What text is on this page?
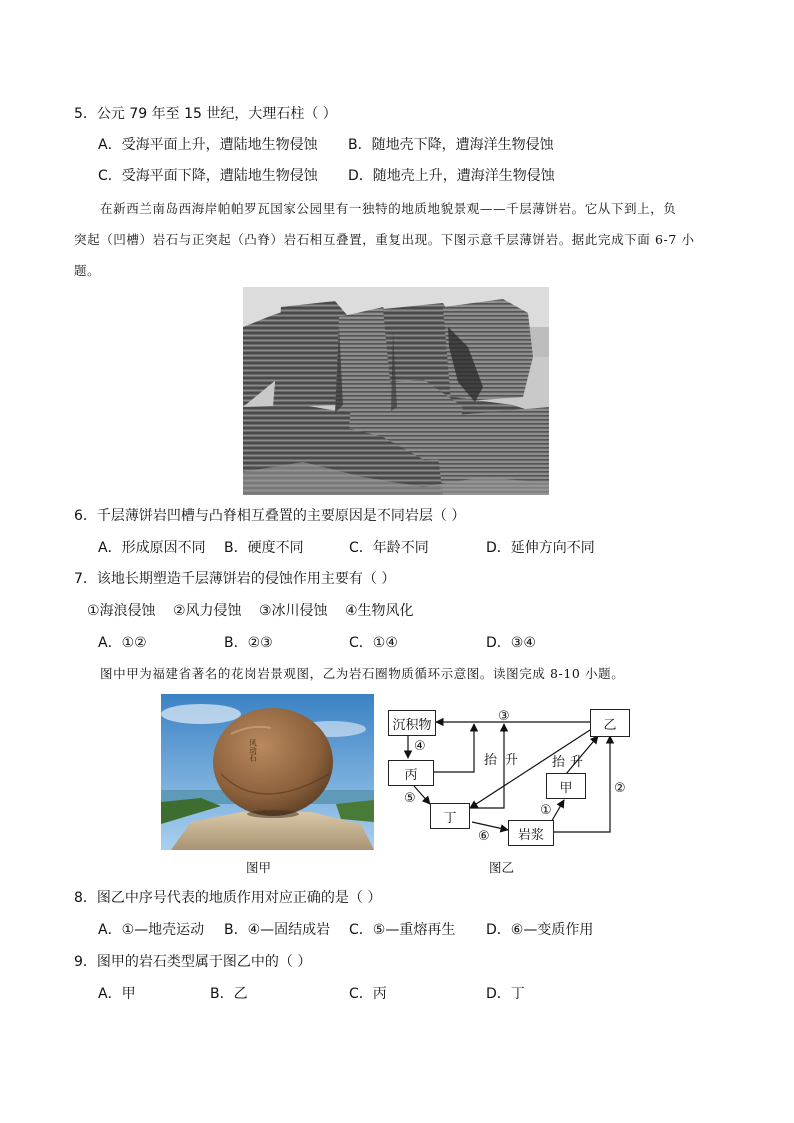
5．公元 79 年至 15 世纪，大理石柱（ ）
A．受海平面上升，遭陆地生物侵蚀 B．随地壳下降，遭海洋生物侵蚀
C．受海平面下降，遭陆地生物侵蚀 D．随地壳上升，遭海洋生物侵蚀
在新西兰南岛西海岸帕帕罗瓦国家公园里有一独特的地质地貌景观——千层薄饼岩。它从下到上，负
突起（凹槽）岩石与正突起（凸脊）岩石相互叠置，重复出现。下图示意千层薄饼岩。据此完成下面 6-7 小
题。
6．千层薄饼岩凹槽与凸脊相互叠置的主要原因是不同岩层（ ）
A．形成原因不同 B．硬度不同	C．年龄不同	D．延伸方向不同
7．该地长期塑造千层薄饼岩的侵蚀作用主要有（ ）
①海浪侵蚀 ②风力侵蚀 ③冰川侵蚀 ④生物风化
A．①②	B．②③	C．①④	D．③④
图中甲为福建省著名的花岗岩景观图，乙为岩石圈物质循环示意图。读图完成 8-10 小题。
风动石
图甲
③
④
⑤
⑥
①
②
抬 升	抬 升
沉积物	乙
丙
甲
丁
岩浆
图乙
8．图乙中序号代表的地质作用对应正确的是（ ）
A．①—地壳运动 B．④—固结成岩 C．⑤—重熔再生 D．⑥—变质作用
9．图甲的岩石类型属于图乙中的（ ）
A．甲	B．乙	C．丙	D．丁
